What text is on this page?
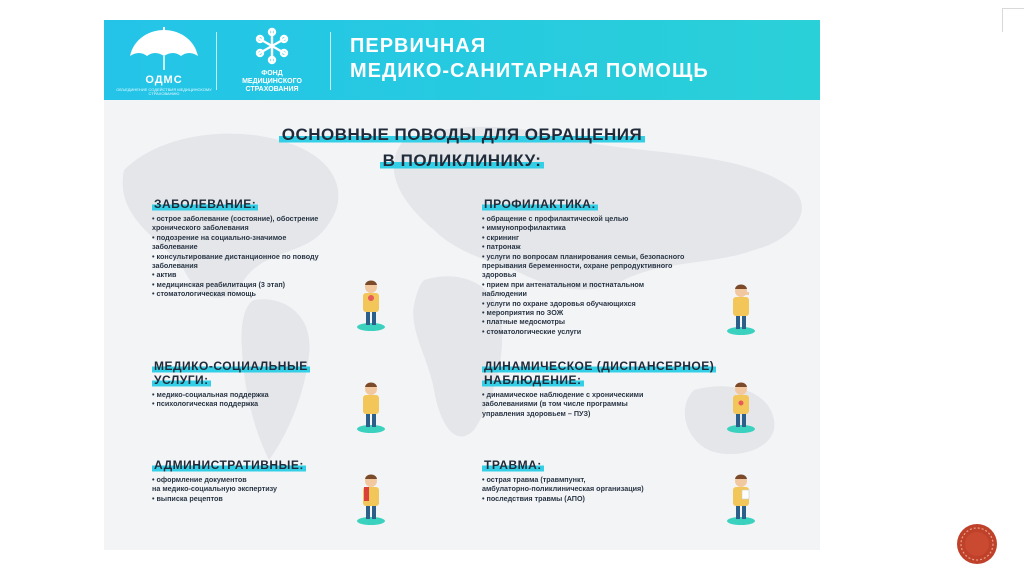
ОДМС
ОБЪЕДИНЕНИЕ СОДЕЙСТВИЯ МЕДИЦИНСКОМУ СТРАХОВАНИЮ
ФОНД
МЕДИЦИНСКОГО
СТРАХОВАНИЯ
ПЕРВИЧНАЯ
МЕДИКО-САНИТАРНАЯ ПОМОЩЬ
ОСНОВНЫЕ ПОВОДЫ ДЛЯ ОБРАЩЕНИЯ
В ПОЛИКЛИНИКУ:
ЗАБОЛЕВАНИЕ:
• острое заболевание (состояние), обострение
хронического заболевания
• подозрение на социально-значимое
заболевание
• консультирование дистанционное по поводу
заболевания
• актив
• медицинская реабилитация (3 этап)
• стоматологическая помощь
ПРОФИЛАКТИКА:
• обращение с профилактической целью
• иммунопрофилактика
• скрининг
• патронаж
• услуги по вопросам планирования семьи, безопасного
прерывания беременности, охране репродуктивного
здоровья
• прием при антенатальном и постнатальном
наблюдении
• услуги по охране здоровья обучающихся
• мероприятия по ЗОЖ
• платные медосмотры
• стоматологические услуги
МЕДИКО-СОЦИАЛЬНЫЕ
УСЛУГИ:
• медико-социальная поддержка
• психологическая поддержка
ДИНАМИЧЕСКОЕ (ДИСПАНСЕРНОЕ)
НАБЛЮДЕНИЕ:
• динамическое наблюдение с хроническими
заболеваниями (в том числе программы
управления здоровьем – ПУЗ)
АДМИНИСТРАТИВНЫЕ:
• оформление документов
на медико-социальную экспертизу
• выписка рецептов
ТРАВМА:
• острая травма (травмпункт,
амбулаторно-поликлиническая организация)
• последствия травмы (АПО)
